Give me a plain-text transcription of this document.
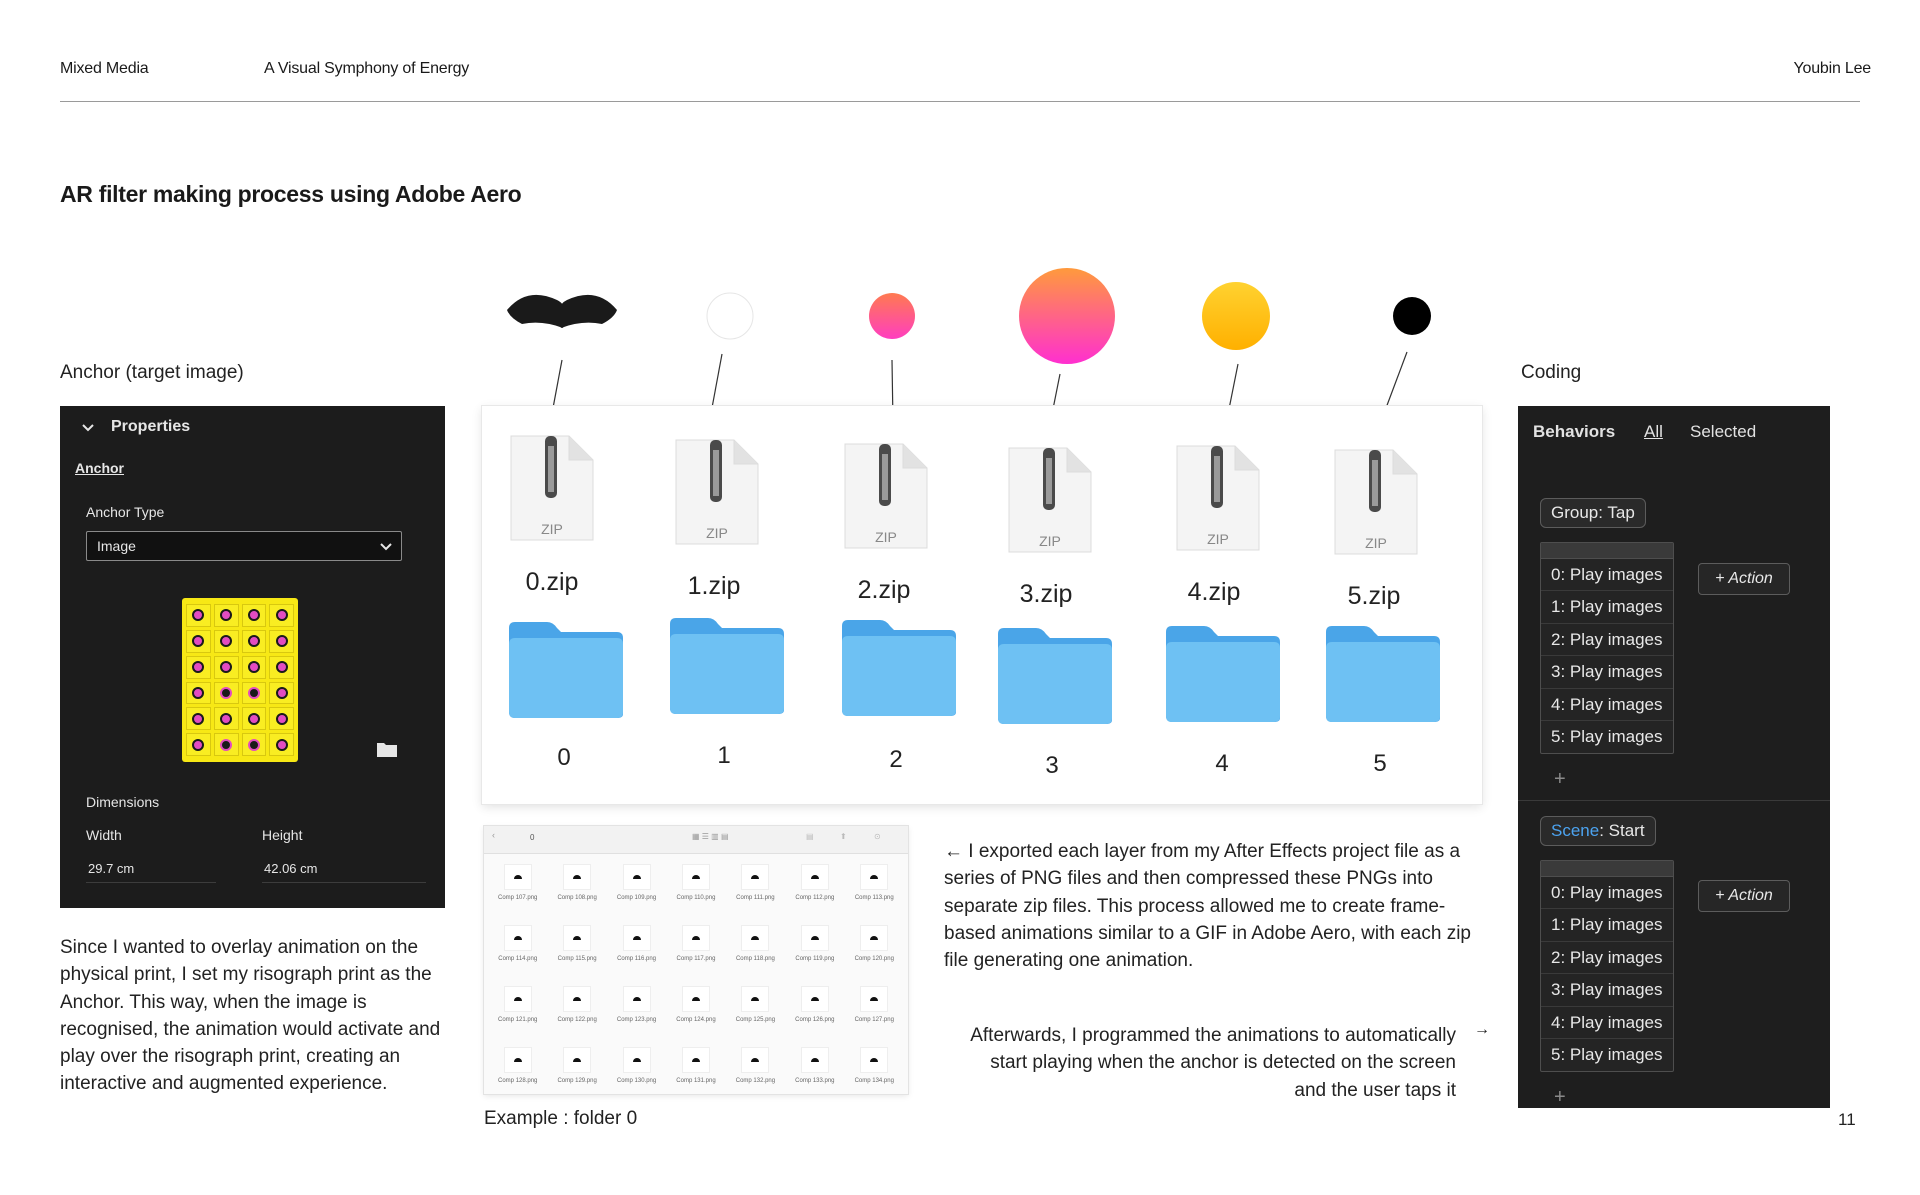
Mixed Media	A Visual Symphony of Energy	Youbin Lee
AR filter making process using Adobe Aero
Anchor (target image)	Coding
Properties
Anchor
Anchor Type
Image
Dimensions
Width	Height
29.7 cm	42.06 cm
Since I wanted to overlay animation on the physical print, I set my risograph print as the Anchor. This way, when the image is recognised, the animation would activate and play over the risograph print, creating an interactive and augmented experience.
ZIP	ZIP	ZIP	ZIP	ZIP	ZIP
0.zip	1.zip	2.zip	3.zip	4.zip	5.zip
0	1	2	3	4	5
‹	0	▦ ☰ ▥ ▤	▤	⬆	⊙
Comp 107.png	Comp 108.png	Comp 109.png	Comp 110.png	Comp 111.png	Comp 112.png	Comp 113.png
Comp 114.png	Comp 115.png	Comp 116.png	Comp 117.png	Comp 118.png	Comp 119.png	Comp 120.png
Comp 121.png	Comp 122.png	Comp 123.png	Comp 124.png	Comp 125.png	Comp 126.png	Comp 127.png
Comp 128.png	Comp 129.png	Comp 130.png	Comp 131.png	Comp 132.png	Comp 133.png	Comp 134.png
Example : folder 0
← I exported each layer from my After Effects project file as a series of PNG files and then compressed these PNGs into separate zip files. This process allowed me to create frame-based animations similar to a GIF in Adobe Aero, with each zip file generating one animation.
Afterwards, I programmed the animations to automatically start playing when the anchor is detected on the screen and the user taps it
→
Behaviors All Selected
Group: Tap
0: Play images
1: Play images
2: Play images
3: Play images
4: Play images
5: Play images
+ Action
+
Scene: Start
0: Play images
1: Play images
2: Play images
3: Play images
4: Play images
5: Play images
+ Action
+
11
